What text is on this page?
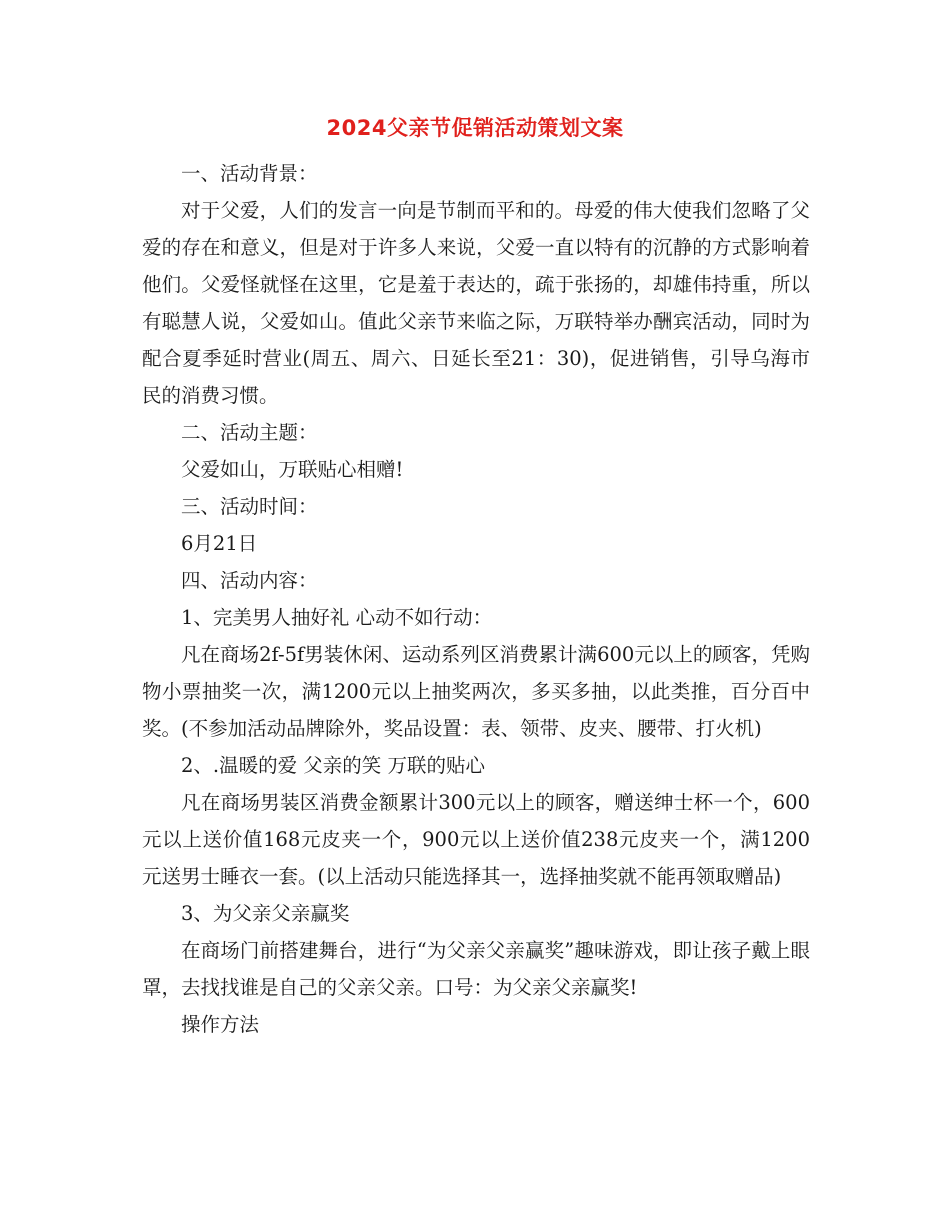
2024父亲节促销活动策划文案

一、活动背景：

对于父爱，人们的发言一向是节制而平和的。母爱的伟大使我们忽略了父爱的存在和意义，但是对于许多人来说，父爱一直以特有的沉静的方式影响着他们。父爱怪就怪在这里，它是羞于表达的，疏于张扬的，却雄伟持重，所以有聪慧人说，父爱如山。值此父亲节来临之际，万联特举办酬宾活动，同时为配合夏季延时营业(周五、周六、日延长至21：30)，促进销售，引导乌海市民的消费习惯。

二、活动主题：

父爱如山，万联贴心相赠!

三、活动时间：

6月21日

四、活动内容：

1、完美男人抽好礼 心动不如行动：

凡在商场2f-5f男装休闲、运动系列区消费累计满600元以上的顾客，凭购物小票抽奖一次，满1200元以上抽奖两次，多买多抽，以此类推，百分百中奖。(不参加活动品牌除外，奖品设置：表、领带、皮夹、腰带、打火机)

2、.温暖的爱 父亲的笑 万联的贴心

凡在商场男装区消费金额累计300元以上的顾客，赠送绅士杯一个，600元以上送价值168元皮夹一个，900元以上送价值238元皮夹一个，满1200元送男士睡衣一套。(以上活动只能选择其一，选择抽奖就不能再领取赠品)

3、为父亲父亲赢奖

在商场门前搭建舞台，进行“为父亲父亲赢奖”趣味游戏，即让孩子戴上眼罩，去找找谁是自己的父亲父亲。口号：为父亲父亲赢奖!

操作方法
